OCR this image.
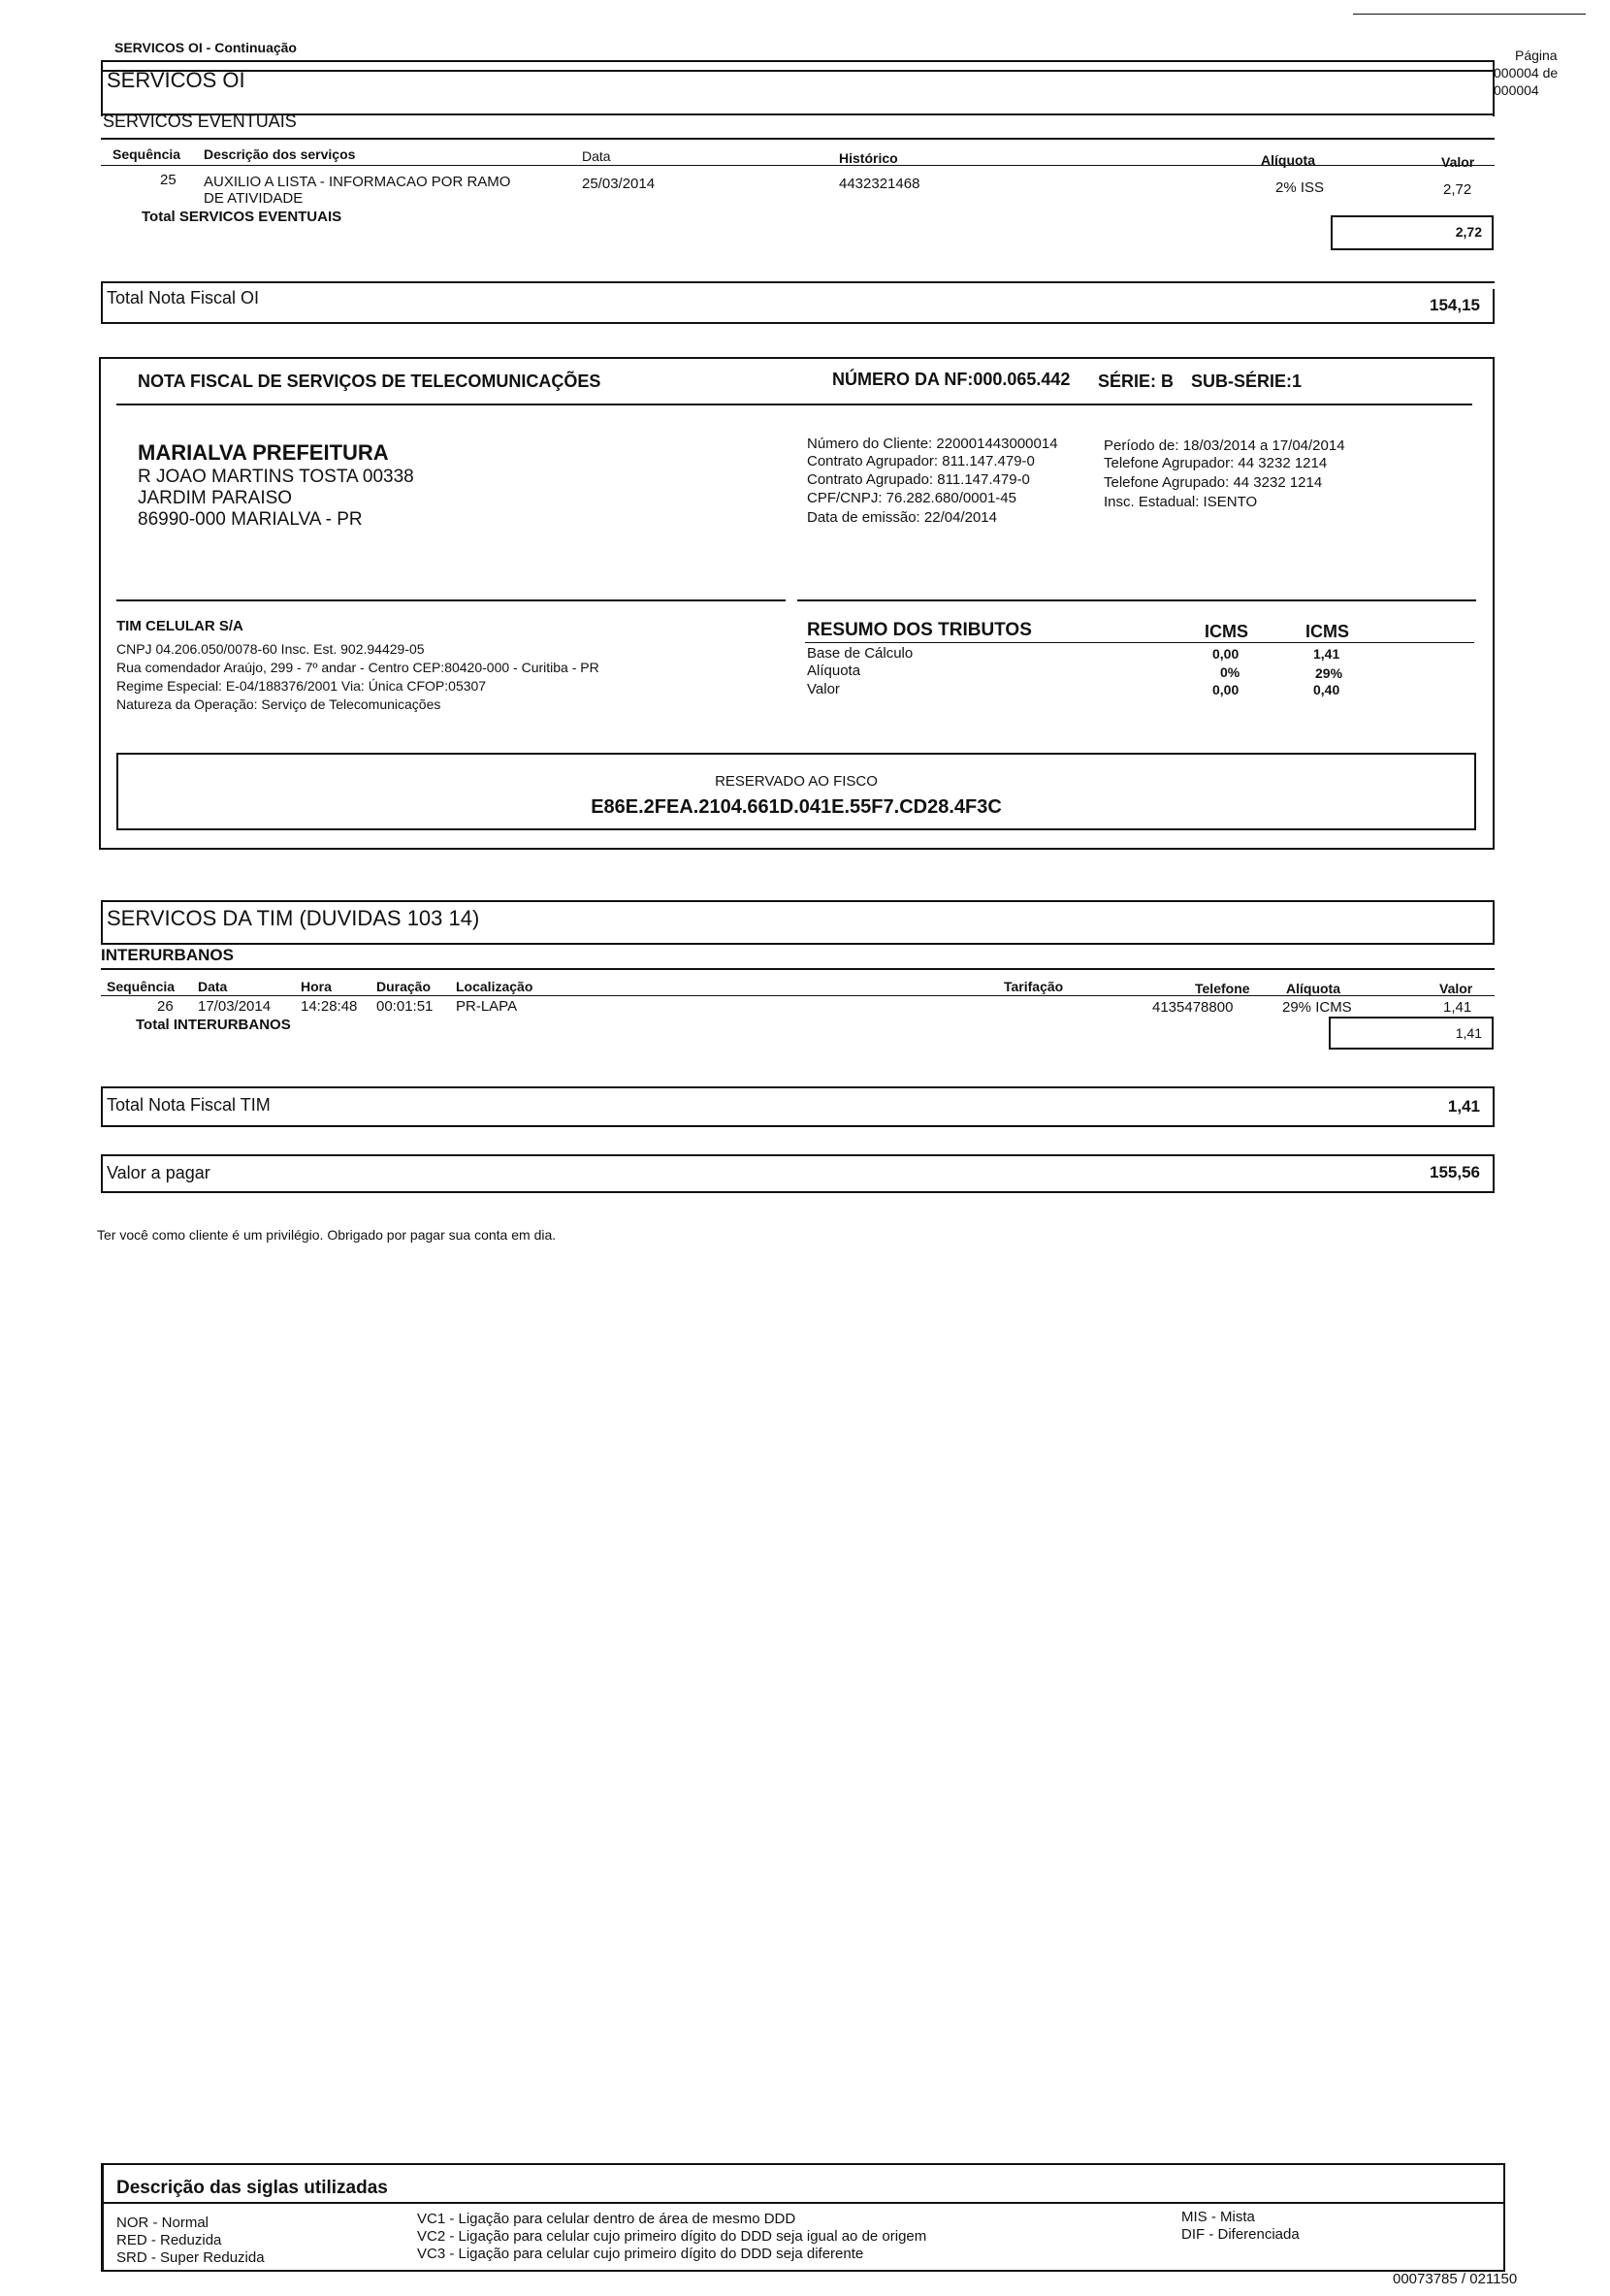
SERVICOS OI - Continuação	Página
000004 de
000004
SERVICOS OI
SERVICOS EVENTUAIS
Sequência Descrição dos serviços	Data	Histórico	Alíquota	Valor
25 AUXILIO A LISTA - INFORMACAO POR RAMO
DE ATIVIDADE
25/03/2014	4432321468	2% ISS	2,72
Total SERVICOS EVENTUAIS
2,72
Total Nota Fiscal OI	154,15
NOTA FISCAL DE SERVIÇOS DE TELECOMUNICAÇÕES	NÚMERO DA NF:000.065.442 SÉRIE: B SUB-SÉRIE:1
MARIALVA PREFEITURA
R JOAO MARTINS TOSTA 00338
JARDIM PARAISO
86990-000 MARIALVA - PR
Número do Cliente: 220001443000014
Contrato Agrupador: 811.147.479-0
Contrato Agrupado: 811.147.479-0
CPF/CNPJ: 76.282.680/0001-45
Data de emissão: 22/04/2014
Período de: 18/03/2014 a 17/04/2014
Telefone Agrupador: 44 3232 1214
Telefone Agrupado: 44 3232 1214
Insc. Estadual: ISENTO
TIM CELULAR S/A
CNPJ 04.206.050/0078-60 Insc. Est. 902.94429-05
Rua comendador Araújo, 299 - 7º andar - Centro CEP:80420-000 - Curitiba - PR
Regime Especial: E-04/188376/2001 Via: Única CFOP:05307
Natureza da Operação: Serviço de Telecomunicações
RESUMO DOS TRIBUTOS	ICMS	ICMS
Base de Cálculo	0,00	1,41
Alíquota	0%	29%
Valor	0,00	0,40
RESERVADO AO FISCO
E86E.2FEA.2104.661D.041E.55F7.CD28.4F3C
SERVICOS DA TIM (DUVIDAS 103 14)
INTERURBANOS
Sequência Data	Hora	Duração Localização	Tarifação	Telefone	Alíquota	Valor
26 17/03/2014 14:28:48 00:01:51 PR-LAPA	4135478800	29% ICMS	1,41
Total INTERURBANOS	1,41
Total Nota Fiscal TIM	1,41
Valor a pagar	155,56
Ter você como cliente é um privilégio. Obrigado por pagar sua conta em dia.
Descrição das siglas utilizadas
NOR - Normal
RED - Reduzida
SRD - Super Reduzida
VC1 - Ligação para celular dentro de área de mesmo DDD
VC2 - Ligação para celular cujo primeiro dígito do DDD seja igual ao de origem
VC3 - Ligação para celular cujo primeiro dígito do DDD seja diferente
MIS - Mista
DIF - Diferenciada
00073785 / 021150
